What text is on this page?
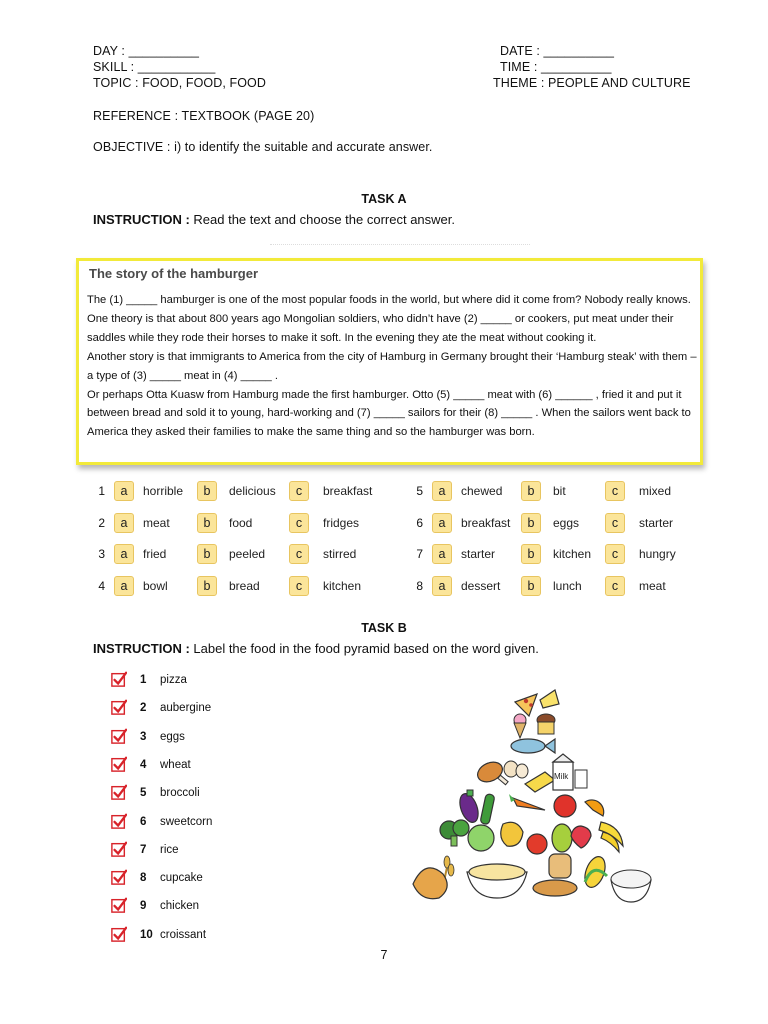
DAY : __________
SKILL : ___________
TOPIC : FOOD, FOOD, FOOD
DATE : __________
TIME : __________
THEME : PEOPLE AND CULTURE
REFERENCE : TEXTBOOK (PAGE 20)
OBJECTIVE : i) to identify the suitable and accurate answer.
TASK A
INSTRUCTION : Read the text and choose the correct answer.
The story of the hamburger

The (1) _____ hamburger is one of the most popular foods in the world, but where did it come from? Nobody really knows.

One theory is that about 800 years ago Mongolian soldiers, who didn’t have (2) _____ or cookers, put meat under their saddles while they rode their horses to make it soft. In the evening they ate the meat without cooking it.

Another story is that immigrants to America from the city of Hamburg in Germany brought their ‘Hamburg steak’ with them – a type of (3) _____ meat in (4) _____ .

Or perhaps Otta Kuasw from Hamburg made the first hamburger. Otto (5) _____ meat with (6) ______ , fried it and put it between bread and sold it to young, hard-working and (7) _____ sailors for their (8) _____ . When the sailors went back to America they asked their families to make the same thing and so the hamburger was born.

1	a	horrible	b	delicious	c	breakfast
2	a	meat	b	food	c	fridges
3	a	fried	b	peeled	c	stirred
4	a	bowl	b	bread	c	kitchen
5	a	chewed	b	bit	c	mixed
6	a	breakfast	b	eggs	c	starter
7	a	starter	b	kitchen	c	hungry
8	a	dessert	b	lunch	c	meat
TASK B
INSTRUCTION : Label the food in the food pyramid based on the word given.
1 pizza
2 aubergine
3 eggs
4 wheat
5 broccoli
6 sweetcorn
7 rice
8 cupcake
9 chicken
10 croissant
Milk
7
